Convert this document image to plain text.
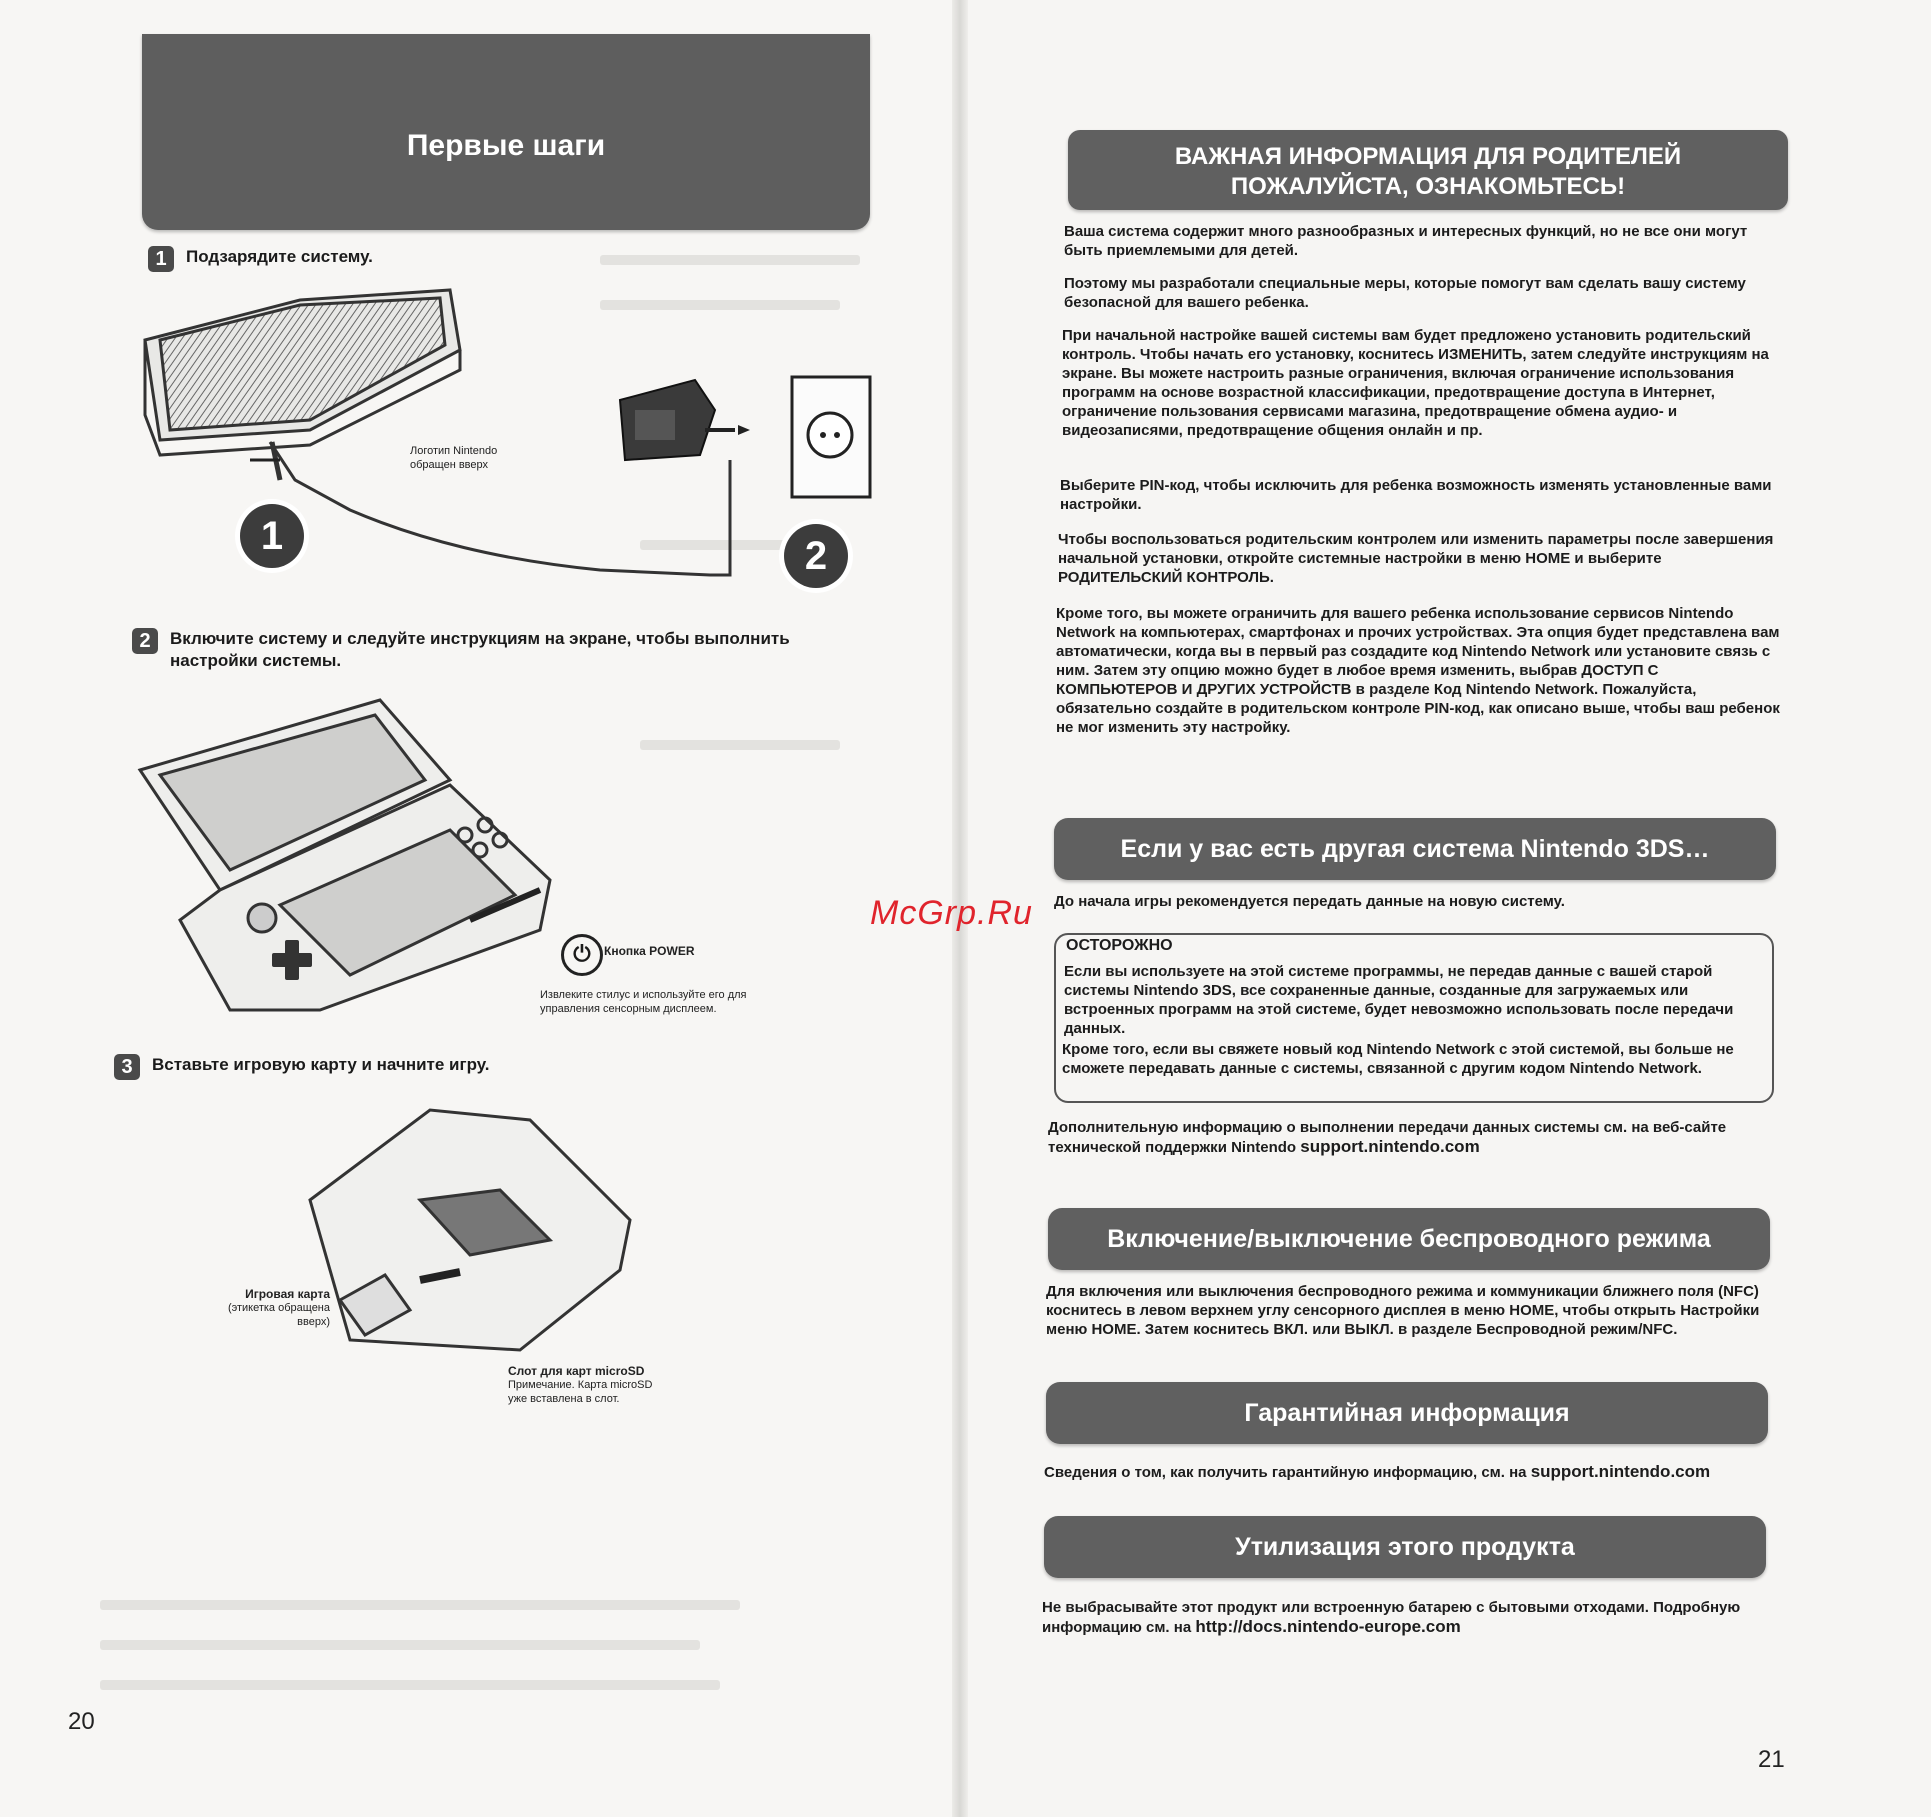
Первые шаги
1	Подзарядите систему.
1	2
Логотип Nintendo обращен вверх
2	Включите систему и следуйте инструкциям на экране, чтобы выполнить настройки системы.
⏻	Кнопка POWER
Извлеките стилус и используйте его для управления сенсорным дисплеем.
3	Вставьте игровую карту и начните игру.
Игровая карта
(этикетка обращена вверх)
Слот для карт microSD
Примечание. Карта microSD уже вставлена в слот.
20
ВАЖНАЯ ИНФОРМАЦИЯ ДЛЯ РОДИТЕЛЕЙ
ПОЖАЛУЙСТА, ОЗНАКОМЬТЕСЬ!
Ваша система содержит много разнообразных и интересных функций, но не все они могут быть приемлемыми для детей.
Поэтому мы разработали специальные меры, которые помогут вам сделать вашу систему безопасной для вашего ребенка.
При начальной настройке вашей системы вам будет предложено установить родительский контроль. Чтобы начать его установку, коснитесь ИЗМЕНИТЬ, затем следуйте инструкциям на экране. Вы можете настроить разные ограничения, включая ограничение использования программ на основе возрастной классификации, предотвращение доступа в Интернет, ограничение пользования сервисами магазина, предотвращение обмена аудио- и видеозаписями, предотвращение общения онлайн и пр.
Выберите PIN-код, чтобы исключить для ребенка возможность изменять установленные вами настройки.
Чтобы воспользоваться родительским контролем или изменить параметры после завершения начальной установки, откройте системные настройки в меню HOME и выберите РОДИТЕЛЬСКИЙ КОНТРОЛЬ.
Кроме того, вы можете ограничить для вашего ребенка использование сервисов Nintendo Network на компьютерах, смартфонах и прочих устройствах. Эта опция будет представлена вам автоматически, когда вы в первый раз создадите код Nintendo Network или установите связь с ним. Затем эту опцию можно будет в любое время изменить, выбрав ДОСТУП С КОМПЬЮТЕРОВ И ДРУГИХ УСТРОЙСТВ в разделе Код Nintendo Network. Пожалуйста, обязательно создайте в родительском контроле PIN-код, как описано выше, чтобы ваш ребенок не мог изменить эту настройку.
Если у вас есть другая система Nintendo 3DS…
До начала игры рекомендуется передать данные на новую систему.
ОСТОРОЖНО
Если вы используете на этой системе программы, не передав данные с вашей старой системы Nintendo 3DS, все сохраненные данные, созданные для загружаемых или встроенных программ на этой системе, будет невозможно использовать после передачи данных.
Кроме того, если вы свяжете новый код Nintendo Network с этой системой, вы больше не сможете передавать данные с системы, связанной с другим кодом Nintendo Network.
Дополнительную информацию о выполнении передачи данных системы см. на веб-сайте технической поддержки Nintendo support.nintendo.com
Включение/выключение беспроводного режима
Для включения или выключения беспроводного режима и коммуникации ближнего поля (NFC) коснитесь в левом верхнем углу сенсорного дисплея в меню HOME, чтобы открыть Настройки меню HOME. Затем коснитесь ВКЛ. или ВЫКЛ. в разделе Беспроводной режим/NFC.
Гарантийная информация
Сведения о том, как получить гарантийную информацию, см. на support.nintendo.com
Утилизация этого продукта
Не выбрасывайте этот продукт или встроенную батарею с бытовыми отходами. Подробную информацию см. на http://docs.nintendo-europe.com
21
McGrp.Ru
